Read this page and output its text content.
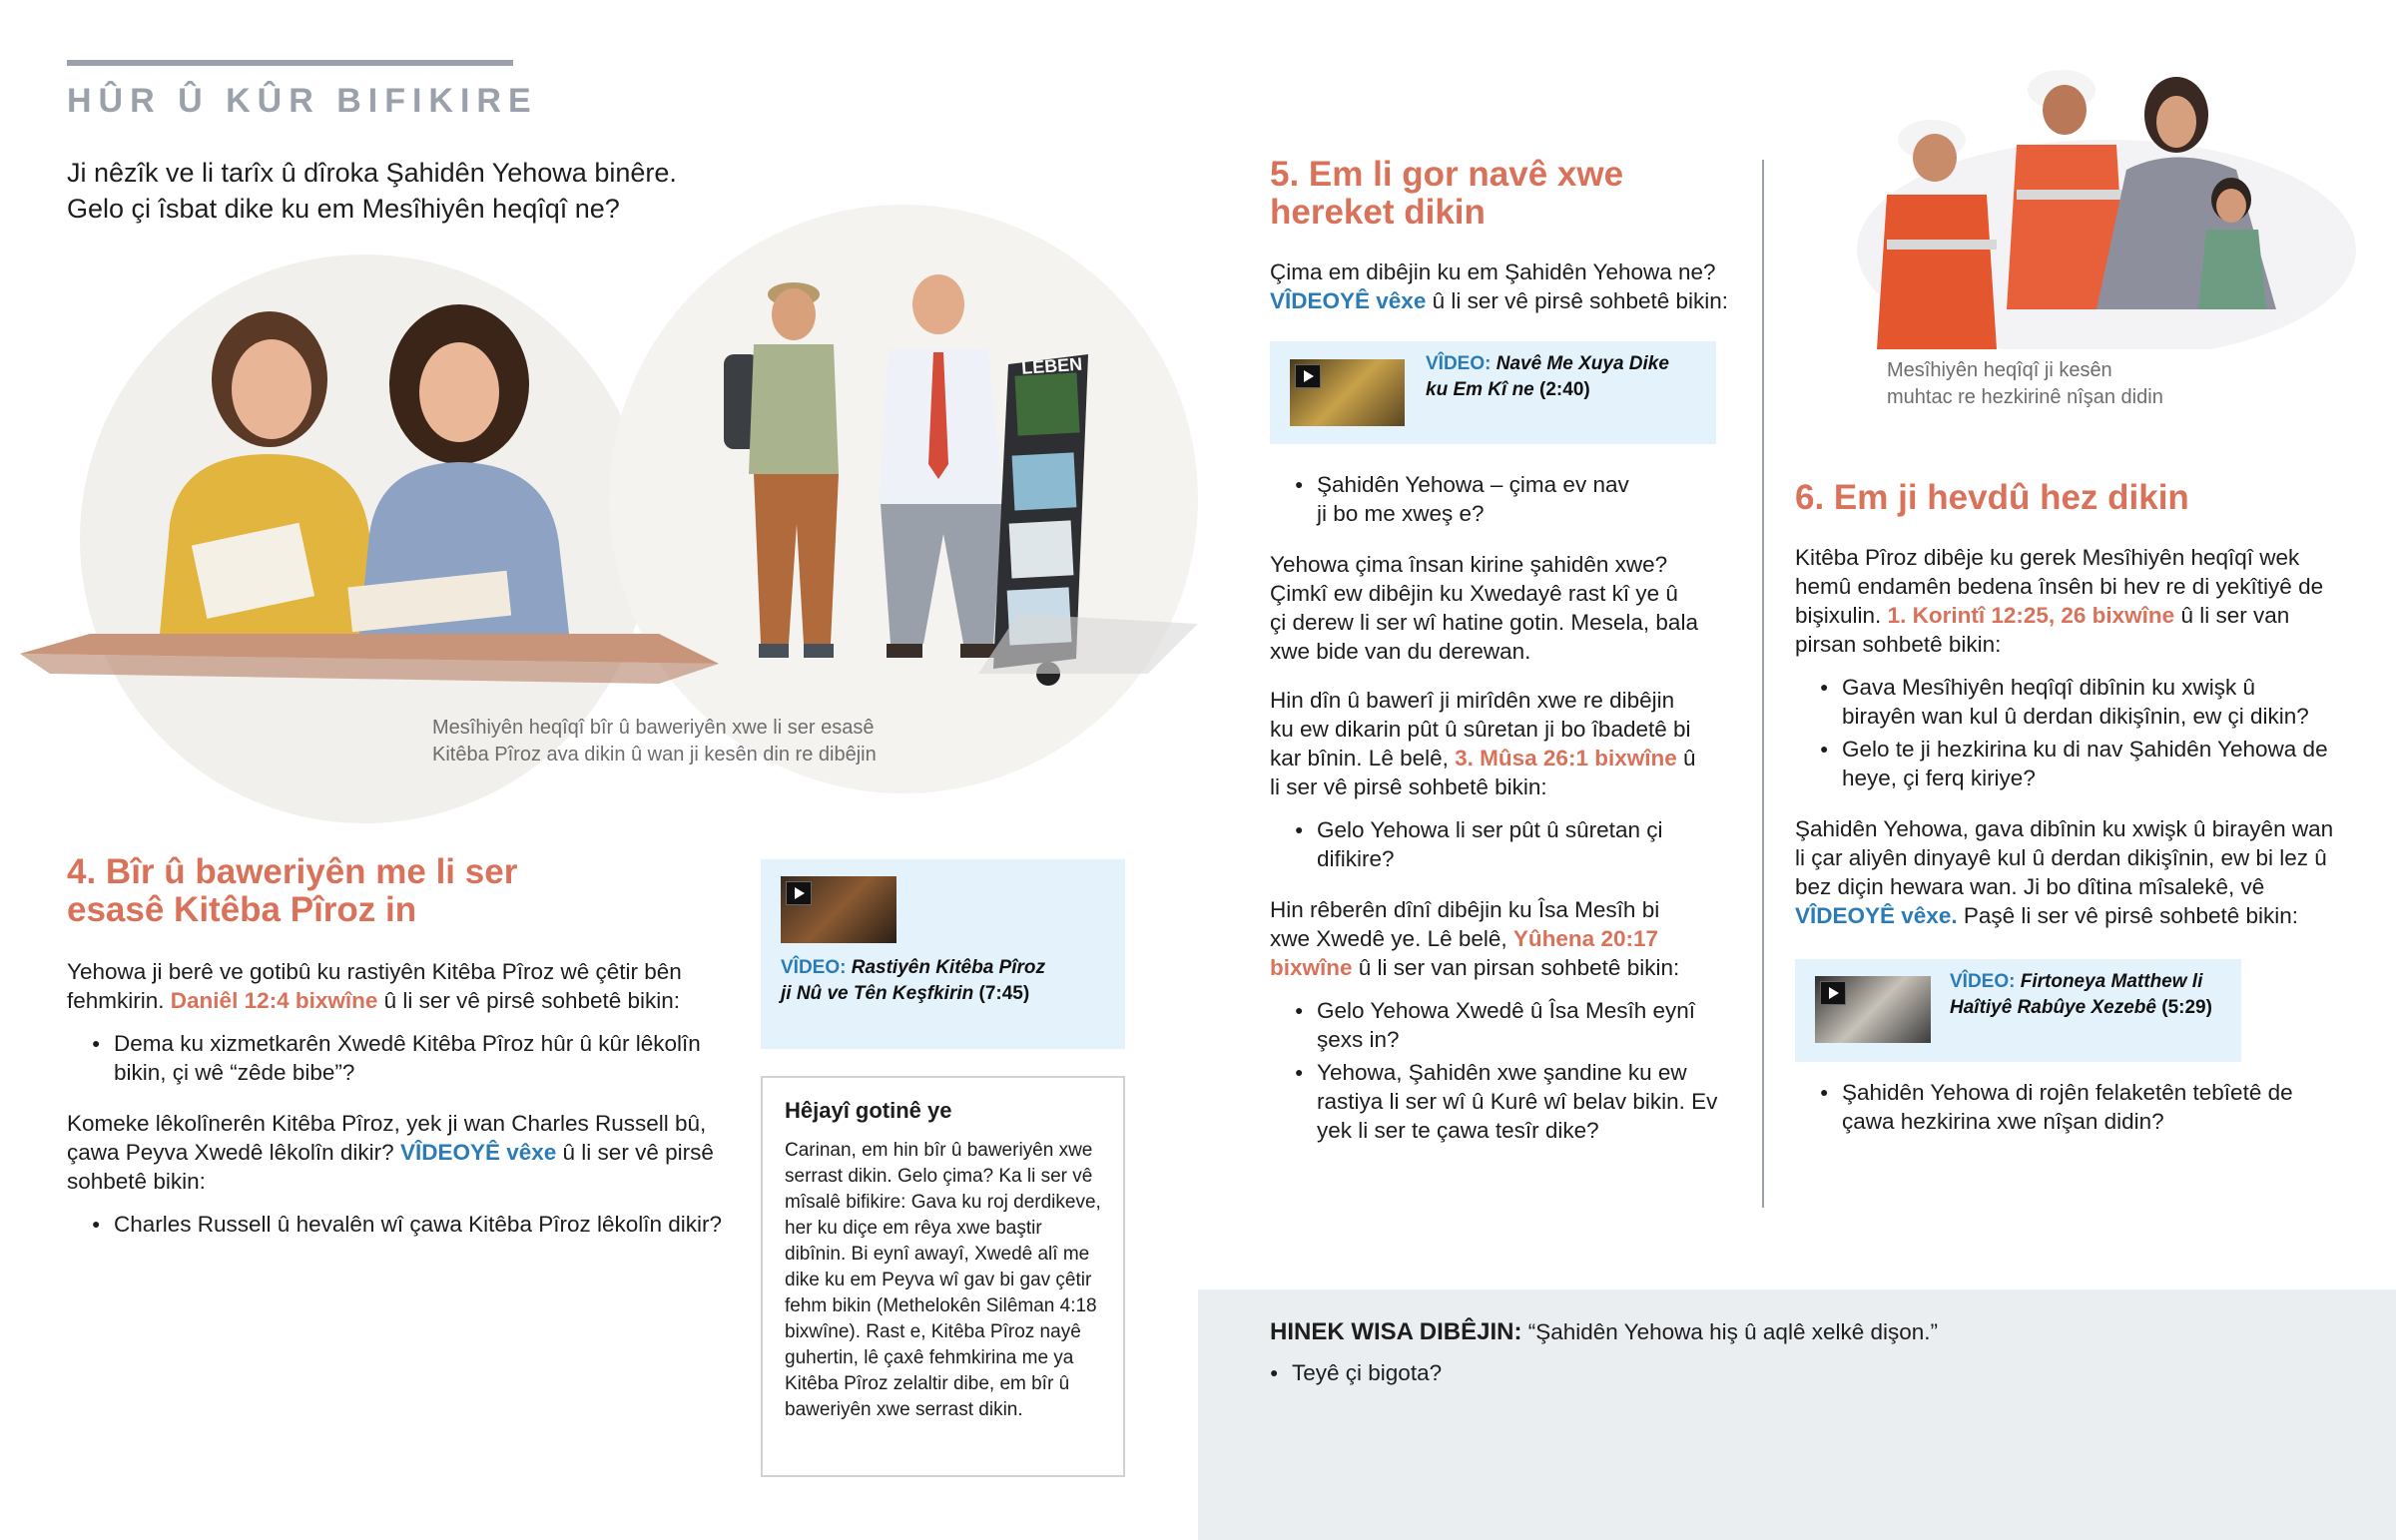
HÛR Û KÛR BIFIKIRE
Ji nêzîk ve li tarîx û dîroka Şahidên Yehowa binêre.
Gelo çi îsbat dike ku em Mesîhiyên heqîqî ne?
LEBEN
Mesîhiyên heqîqî bîr û baweriyên xwe li ser esasê
Kitêba Pîroz ava dikin û wan ji kesên din re dibêjin
4. Bîr û baweriyên me li ser
esasê Kitêba Pîroz in

Yehowa ji berê ve gotibû ku rastiyên Kitêba Pîroz wê çêtir bên fehmkirin. Daniêl 12:4 bixwîne û li ser vê pirsê sohbetê bikin:

● Dema ku xizmetkarên Xwedê Kitêba Pîroz hûr û kûr lêkolîn bikin, çi wê “zêde bibe”?

Komeke lêkolînerên Kitêba Pîroz, yek ji wan Charles Russell bû, çawa Peyva Xwedê lêkolîn dikir? VÎDEOYÊ vêxe û li ser vê pirsê sohbetê bikin:

● Charles Russell û hevalên wî çawa Kitêba Pîroz lêkolîn dikir?
VÎDEO: Rastiyên Kitêba Pîroz
ji Nû ve Tên Keşfkirin (7:45)
Hêjayî gotinê ye
Carinan, em hin bîr û baweriyên xwe serrast dikin. Gelo çima? Ka li ser vê mîsalê bifikire: Gava ku roj derdikeve, her ku diçe em rêya xwe baştir dibînin. Bi eynî awayî, Xwedê alî me dike ku em Peyva wî gav bi gav çêtir fehm bikin (Methelokên Silêman 4:18 bixwîne). Rast e, Kitêba Pîroz nayê guhertin, lê çaxê fehmkirina me ya Kitêba Pîroz zelaltir dibe, em bîr û baweriyên xwe serrast dikin.
5. Em li gor navê xwe
hereket dikin

Çima em dibêjin ku em Şahidên Yehowa ne? VÎDEOYÊ vêxe û li ser vê pirsê sohbetê bikin:

● Şahidên Yehowa – çima ev nav ji bo me xweş e?

Yehowa çima însan kirine şahidên xwe? Çimkî ew dibêjin ku Xwedayê rast kî ye û çi derew li ser wî hatine gotin. Mesela, bala xwe bide van du derewan.

Hin dîn û bawerî ji mirîdên xwe re dibêjin ku ew dikarin pût û sûretan ji bo îbadetê bi kar bînin. Lê belê, 3. Mûsa 26:1 bixwîne û li ser vê pirsê sohbetê bikin:

● Gelo Yehowa li ser pût û sûretan çi difikire?

Hin rêberên dînî dibêjin ku Îsa Mesîh bi xwe Xwedê ye. Lê belê, Yûhena 20:17 bixwîne û li ser van pirsan sohbetê bikin:

● Gelo Yehowa Xwedê û Îsa Mesîh eynî şexs in?
● Yehowa, Şahidên xwe şandine ku ew rastiya li ser wî û Kurê wî belav bikin. Ev yek li ser te çawa tesîr dike?
VÎDEO: Navê Me Xuya Dike
ku Em Kî ne (2:40)
Mesîhiyên heqîqî ji kesên
muhtac re hezkirinê nîşan didin
6. Em ji hevdû hez dikin

Kitêba Pîroz dibêje ku gerek Mesîhiyên heqîqî wek hemû endamên bedena însên bi hev re di yekîtiyê de bişixulin. 1. Korintî 12:25, 26 bixwîne û li ser van pirsan sohbetê bikin:

● Gava Mesîhiyên heqîqî dibînin ku xwişk û birayên wan kul û derdan dikişînin, ew çi dikin?
● Gelo te ji hezkirina ku di nav Şahidên Yehowa de heye, çi ferq kiriye?

Şahidên Yehowa, gava dibînin ku xwişk û birayên wan li çar aliyên dinyayê kul û derdan dikişînin, ew bi lez û bez diçin hewara wan. Ji bo dîtina mîsalekê, vê VÎDEOYÊ vêxe. Paşê li ser vê pirsê sohbetê bikin:

● Şahidên Yehowa di rojên felaketên tebîetê de çawa hezkirina xwe nîşan didin?
VÎDEO: Firtoneya Matthew li
Haîtiyê Rabûye Xezebê (5:29)

HINEK WISA DIBÊJIN: “Şahidên Yehowa hiş û aqlê xelkê dişon.”

● Teyê çi bigota?
